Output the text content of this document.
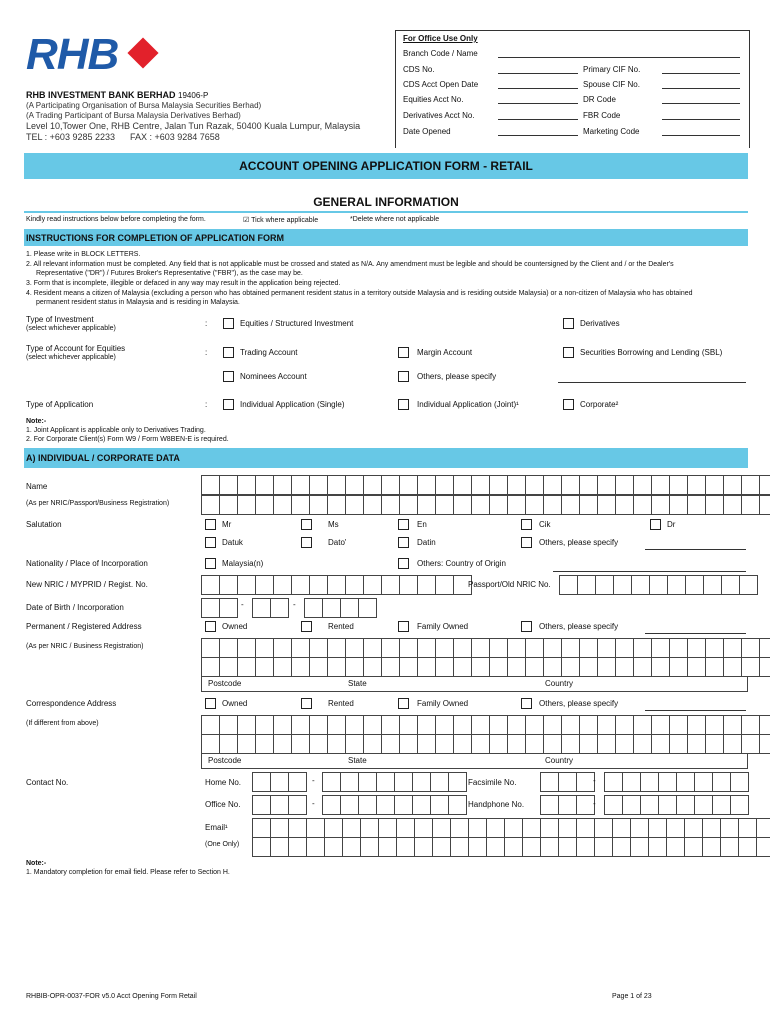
RHB
RHB INVESTMENT BANK BERHAD 19406-P
(A Participating Organisation of Bursa Malaysia Securities Berhad)
(A Trading Participant of Bursa Malaysia Derivatives Berhad)
Level 10,Tower One, RHB Centre, Jalan Tun Razak, 50400 Kuala Lumpur, Malaysia
TEL : +603 9285 2233      FAX : +603 9284 7658
For Office Use Only
Branch Code / Name
CDS No.	Primary CIF No.
CDS Acct Open Date	Spouse CIF No.
Equities Acct No.	DR Code
Derivatives Acct No.	FBR Code
Date Opened	Marketing Code
ACCOUNT OPENING APPLICATION FORM - RETAIL
GENERAL INFORMATION
Kindly read instructions below before completing the form.	☑ Tick where applicable	*Delete where not applicable
INSTRUCTIONS FOR COMPLETION OF APPLICATION FORM
1. Please write in BLOCK LETTERS.
2. All relevant information must be completed. Any field that is not applicable must be crossed and stated as N/A. Any amendment must be legible and should be countersigned by the Client and / or the Dealer's
Representative ("DR") / Futures Broker's Representative ("FBR"), as the case may be.
3. Form that is incomplete, illegible or defaced in any way may result in the application being rejected.
4. Resident means a citizen of Malaysia (excluding a person who has obtained permanent resident status in a territory outside Malaysia and is residing outside Malaysia) or a non-citizen of Malaysia who has obtained
permanent resident status in Malaysia and is residing in Malaysia.
Type of Investment
(select whichever applicable)
:	Equities / Structured Investment	Derivatives
Type of Account for Equities
(select whichever applicable)
:	Trading Account	Margin Account	Securities Borrowing and Lending (SBL)
Nominees Account	Others, please specify
Type of Application	:	Individual Application (Single)	Individual Application (Joint)¹	Corporate²
Note:-
1. Joint Applicant is applicable only to Derivatives Trading.
2. For Corporate Client(s) Form W9 / Form W8BEN-E is required.
A) INDIVIDUAL / CORPORATE DATA
Name
(As per NRIC/Passport/Business Registration)
Salutation	Mr	Ms	En	Cik	Dr
Datuk	Dato'	Datin	Others, please specify
Nationality / Place of Incorporation	Malaysia(n)	Others: Country of Origin
New NRIC / MYPRID / Regist. No.	Passport/Old NRIC No.
Date of Birth / Incorporation	-	-
Permanent / Registered Address	Owned	Rented	Family Owned	Others, please specify
(As per NRIC / Business Registration)
Postcode	State	Country
Correspondence Address	Owned	Rented	Family Owned	Others, please specify
(If different from above)
Postcode	State	Country
Contact No.	Home No.	-	Facsimile No.	-
Office No.	-	Handphone No.	-
Email¹
(One Only)
Note:-
1. Mandatory completion for email field. Please refer to Section H.
RHBIB-OPR-0037-FOR v5.0 Acct Opening Form Retail	Page 1 of 23
